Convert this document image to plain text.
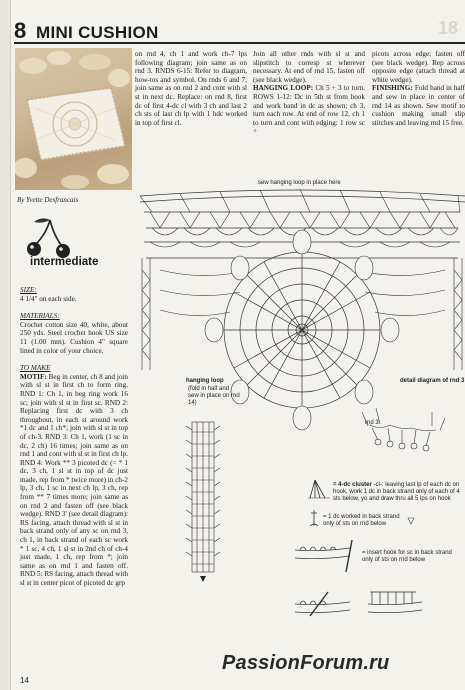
8 MINI CUSHION	18
By Yvette Desfrancais
intermediate
SIZE:
4 1/4" on each side.
MATERIALS:
Crochet cotton size 40, white, about 250 yds. Steel crochet hook US size 11 (1.00 mm). Cushion 4" square lined in color of your choice.
TO MAKE
MOTIF: Beg in center, ch 8 and join with sl st in first ch to form ring. RND 1: Ch 1, in beg ring work 16 sc; join with sl st in first sc. RND 2: Replacing first dc with 3 ch throughout, in each st around work *1 dc and 1 ch*; join with sl st in top of ch-3. RND 3: Ch 1, work (1 sc in dc, 2 ch) 16 times; join same as on rnd 1 and cont with sl st in first ch lp. RND 4: Work ** 3 picoted dc (= * 1 dc, 3 ch, 1 sl st in top of dc just made, rep from * twice more) in ch-2 lp, 3 ch, 1 sc in next ch lp, 3 ch, rep from ** 7 times more; join same as on rnd 2 and fasten off (see black wedge). RND 3' (see detail diagram): RS facing, attach thread with sl st in back strand only of any sc on rnd 3, ch 1, in back strand of each sc work * 1 sc, 4 ch, 1 sl st in 2nd ch of ch-4 just made, 1 ch, rep from *; join same as on rnd 1 and fasten off. RND 5: RS facing, attach thread with sl st in center picot of picoted dc grp
on rnd 4, ch 1 and work ch-7 lps following diagram; join same as on rnd 3. RNDS 6-15: Refer to diagram, how-tos and symbol. On rnds 6 and 7, join same as on rnd 2 and cont with sl st in next dc. Replace: on rnd 8, first dc of first 4-dc cl with 3 ch and last 2 ch sts of last ch lp with 1 hdc worked in top of first cl.
Join all other rnds with sl st and slipstitch to corresp st wherever necessary. At end of rnd 15, fasten off (see black wedge).
HANGING LOOP: Ch 5 + 3 to turn. ROWS 1-12: Dc in 5th st from hook and work band in dc as shown; ch 3, turn each row. At end of row 12, ch 1 to turn and cont with edging: 1 row sc +
picots across edge; fasten off (see black wedge). Rep across opposite edge (attach thread at white wedge).
FINISHING: Fold band in half and sew in place in center of rnd 14 as shown. Sew motif to cushion making small slip stitches and leaving rnd 15 free.
sew hanging loop in place here
hanging loop
(fold in half and sew in place on rnd 14)
detail diagram of rnd 3
rnd 3
= 4-dc cluster -cl-: leaving last lp of each dc on hook, work 1 dc in back strand only of each of 4 sts below, yo and draw thru all 5 lps on hook
= 1 dc worked in back strand only of sts on rnd below
= insert hook for sc in back strand only of sts on rnd below
14
PassionForum.ru
